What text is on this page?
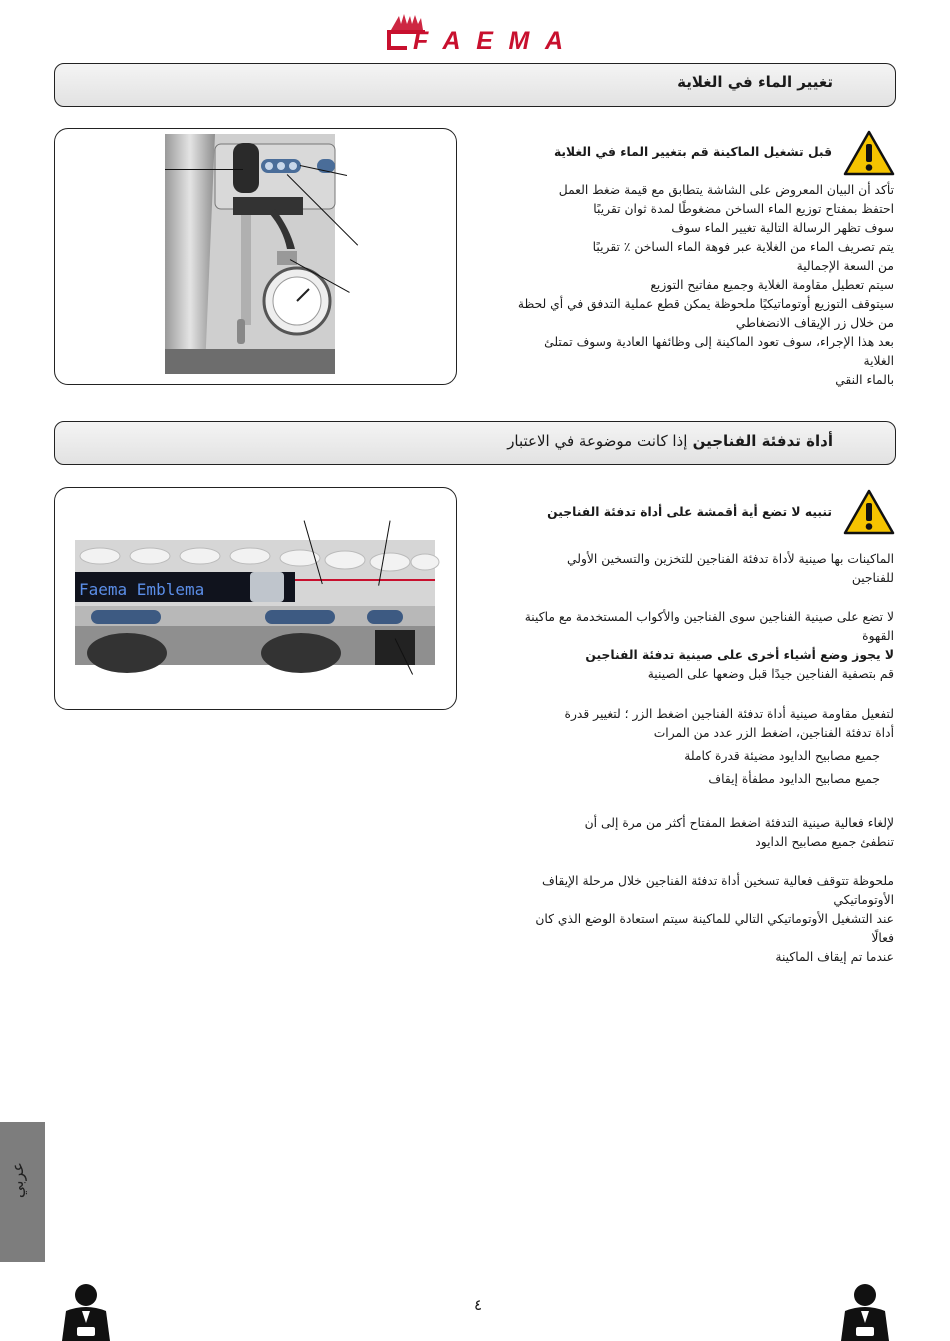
FAEMA
تغيير الماء في الغلاية
قبل تشغيل الماكينة قم بتغيير الماء في الغلاية

تأكد أن البيان المعروض على الشاشة يتطابق مع قيمة ضغط العمل

احتفظ بمفتاح توزيع الماء الساخن مضغوطًا لمدة ثوان تقريبًا

سوف تظهر الرسالة التالية تغيير الماء سوف

يتم تصريف الماء من الغلاية عبر فوهة الماء الساخن ٪ تقريبًا

من السعة الإجمالية

سيتم تعطيل مقاومة الغلاية وجميع مفاتيح التوزيع

سيتوقف التوزيع أوتوماتيكيًا ملحوظة يمكن قطع عملية التدفق في أي لحظة

من خلال زر الإيقاف الانضغاطي

بعد هذا الإجراء، سوف تعود الماكينة إلى وظائفها العادية وسوف تمتلئ الغلاية

بالماء النقي

أداة تدفئة الفناجين إذا كانت موضوعة في الاعتبار
Faema Emblema
تنبيه لا تضع أية أقمشة على أداة تدفئة الفناجين

الماكينات بها صينية لأداة تدفئة الفناجين للتخزين والتسخين الأولي

للفناجين

لا تضع على صينية الفناجين سوى الفناجين والأكواب المستخدمة مع ماكينة

القهوة

لا يجوز وضع أشياء أخرى على صينية تدفئة الفناجين

قم بتصفية الفناجين جيدًا قبل وضعها على الصينية

لتفعيل مقاومة صينية أداة تدفئة الفناجين اضغط الزر ؛ لتغيير قدرة

أداة تدفئة الفناجين، اضغط الزر عدد من المرات

جميع مصابيح الدايود مضيئة قدرة كاملة

جميع مصابيح الدايود مطفأة إيقاف

لإلغاء فعالية صينية التدفئة اضغط المفتاح أكثر من مرة إلى أن

تنطفئ جميع مصابيح الدايود

ملحوظة تتوقف فعالية تسخين أداة تدفئة الفناجين خلال مرحلة الإيقاف

الأوتوماتيكي

عند التشغيل الأوتوماتيكي التالي للماكينة سيتم استعادة الوضع الذي كان فعالًا

عندما تم إيقاف الماكينة

عربي
٤
